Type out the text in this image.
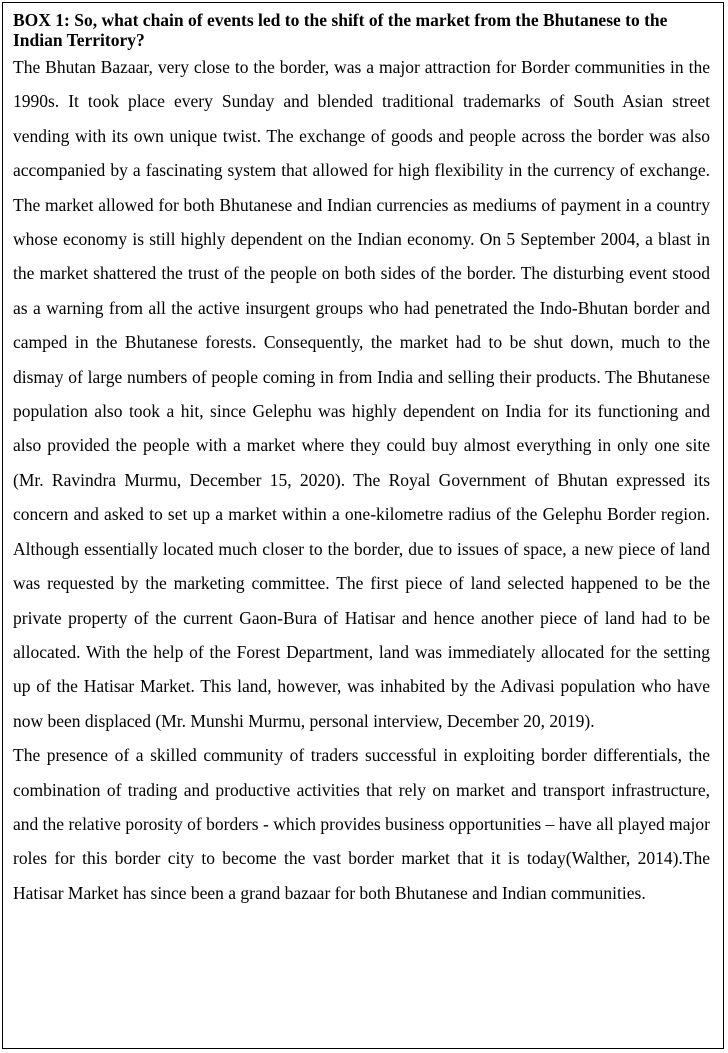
BOX 1: So, what chain of events led to the shift of the market from the Bhutanese to the Indian Territory?

The Bhutan Bazaar, very close to the border, was a major attraction for Border communities in the 1990s. It took place every Sunday and blended traditional trademarks of South Asian street vending with its own unique twist. The exchange of goods and people across the border was also accompanied by a fascinating system that allowed for high flexibility in the currency of exchange. The market allowed for both Bhutanese and Indian currencies as mediums of payment in a country whose economy is still highly dependent on the Indian economy. On 5 September 2004, a blast in the market shattered the trust of the people on both sides of the border. The disturbing event stood as a warning from all the active insurgent groups who had penetrated the Indo-Bhutan border and camped in the Bhutanese forests. Consequently, the market had to be shut down, much to the dismay of large numbers of people coming in from India and selling their products. The Bhutanese population also took a hit, since Gelephu was highly dependent on India for its functioning and also provided the people with a market where they could buy almost everything in only one site (Mr. Ravindra Murmu, December 15, 2020). The Royal Government of Bhutan expressed its concern and asked to set up a market within a one-kilometre radius of the Gelephu Border region. Although essentially located much closer to the border, due to issues of space, a new piece of land was requested by the marketing committee. The first piece of land selected happened to be the private property of the current Gaon-Bura of Hatisar and hence another piece of land had to be allocated. With the help of the Forest Department, land was immediately allocated for the setting up of the Hatisar Market. This land, however, was inhabited by the Adivasi population who have now been displaced (Mr. Munshi Murmu, personal interview, December 20, 2019).

The presence of a skilled community of traders successful in exploiting border differentials, the combination of trading and productive activities that rely on market and transport infrastructure, and the relative porosity of borders - which provides business opportunities – have all played major roles for this border city to become the vast border market that it is today(Walther, 2014).The Hatisar Market has since been a grand bazaar for both Bhutanese and Indian communities.
